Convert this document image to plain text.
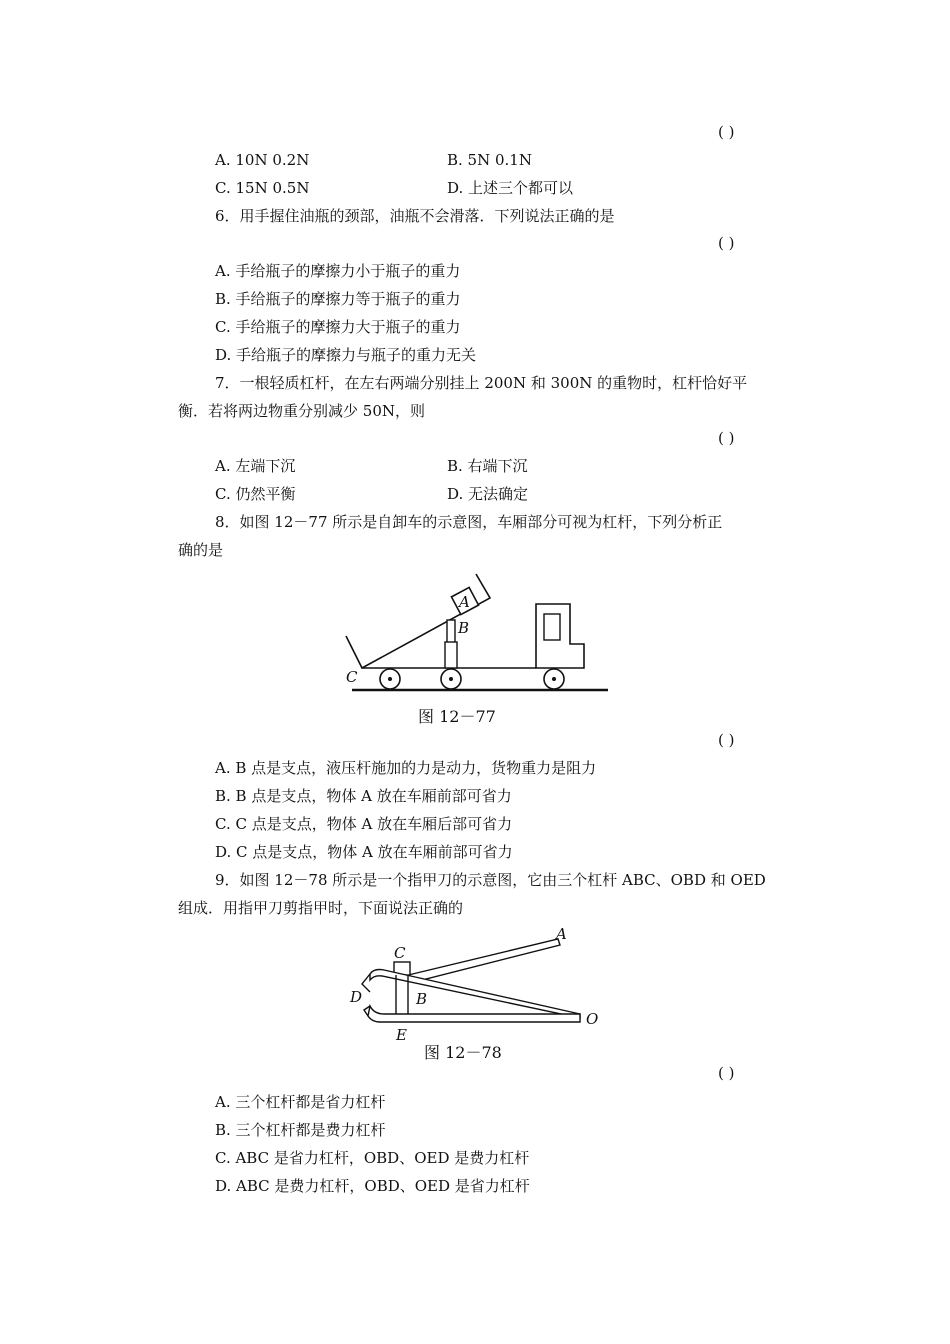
( )
A. 10N 0.2N	B. 5N 0.1N
C. 15N 0.5N	D. 上述三个都可以
6．用手握住油瓶的颈部，油瓶不会滑落．下列说法正确的是
( )
A. 手给瓶子的摩擦力小于瓶子的重力
B. 手给瓶子的摩擦力等于瓶子的重力
C. 手给瓶子的摩擦力大于瓶子的重力
D. 手给瓶子的摩擦力与瓶子的重力无关
7．一根轻质杠杆，在左右两端分别挂上 200N 和 300N 的重物时，杠杆恰好平
衡．若将两边物重分别减少 50N，则
( )
A. 左端下沉	B. 右端下沉
C. 仍然平衡	D. 无法确定
8．如图 12－77 所示是自卸车的示意图，车厢部分可视为杠杆，下列分析正
确的是
A
B
C
图 12－77
( )
A. B 点是支点，液压杆施加的力是动力，货物重力是阻力
B. B 点是支点，物体 A 放在车厢前部可省力
C. C 点是支点，物体 A 放在车厢后部可省力
D. C 点是支点，物体 A 放在车厢前部可省力
9．如图 12－78 所示是一个指甲刀的示意图，它由三个杠杆 ABC、OBD 和 OED
组成．用指甲刀剪指甲时，下面说法正确的
A
C
B
D
E
O
图 12－78
( )
A. 三个杠杆都是省力杠杆
B. 三个杠杆都是费力杠杆
C. ABC 是省力杠杆，OBD、OED 是费力杠杆
D. ABC 是费力杠杆，OBD、OED 是省力杠杆
